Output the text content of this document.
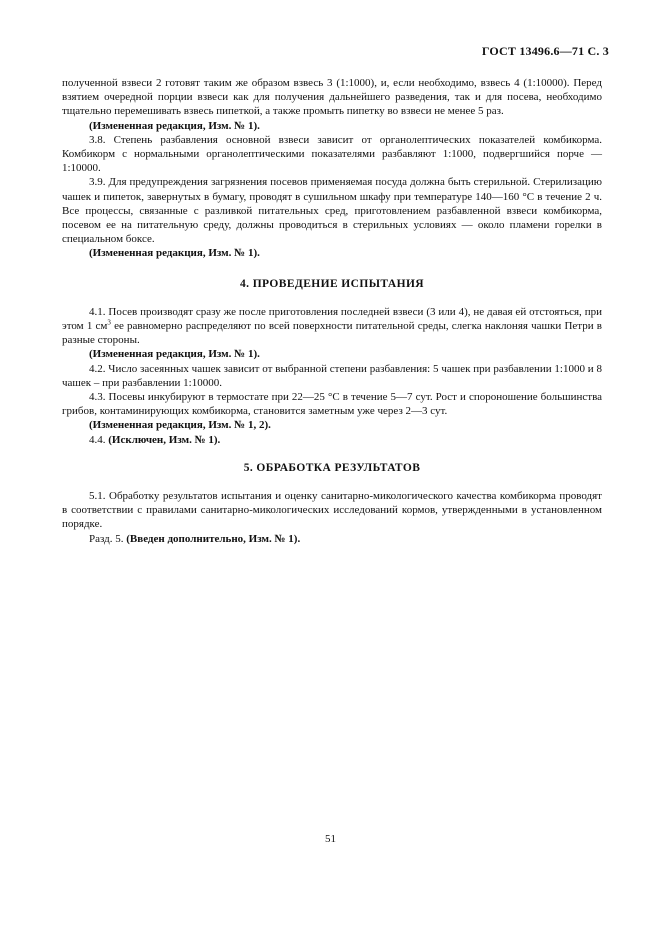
ГОСТ 13496.6—71 С. 3

полученной взвеси 2 готовят таким же образом взвесь 3 (1:1000), и, если необходимо, взвесь 4 (1:10000). Перед взятием очередной порции взвеси как для получения дальнейшего разведения, так и для посева, необходимо тщательно перемешивать взвесь пипеткой, а также промыть пипетку во взвеси не менее 5 раз.

(Измененная редакция, Изм. № 1).

3.8. Степень разбавления основной взвеси зависит от органолептических показателей комбикорма. Комбикорм с нормальными органолептическими показателями разбавляют 1:1000, подвергшийся порче — 1:10000.

3.9. Для предупреждения загрязнения посевов применяемая посуда должна быть стерильной. Стерилизацию чашек и пипеток, завернутых в бумагу, проводят в сушильном шкафу при температуре 140—160 °С в течение 2 ч. Все процессы, связанные с разливкой питательных сред, приготовлением разбавленной взвеси комбикорма, посевом ее на питательную среду, должны проводиться в стерильных условиях — около пламени горелки в специальном боксе.

(Измененная редакция, Изм. № 1).

4. ПРОВЕДЕНИЕ ИСПЫТАНИЯ

4.1. Посев производят сразу же после приготовления последней взвеси (3 или 4), не давая ей отстояться, при этом 1 $см^3$ ее равномерно распределяют по всей поверхности питательной среды, слегка наклоняя чашки Петри в разные стороны.

(Измененная редакция, Изм. № 1).

4.2. Число засеянных чашек зависит от выбранной степени разбавления: 5 чашек при разбавлении 1:1000 и 8 чашек – при разбавлении 1:10000.

4.3. Посевы инкубируют в термостате при 22—25 °С в течение 5—7 сут. Рост и спороношение большинства грибов, контаминирующих комбикорма, становится заметным уже через 2—3 сут.

(Измененная редакция, Изм. № 1, 2).

4.4. (Исключен, Изм. № 1).

5. ОБРАБОТКА РЕЗУЛЬТАТОВ

5.1. Обработку результатов испытания и оценку санитарно-микологического качества комбикорма проводят в соответствии с правилами санитарно-микологических исследований кормов, утвержденными в установленном порядке.

Разд. 5. (Введен дополнительно, Изм. № 1).

51
